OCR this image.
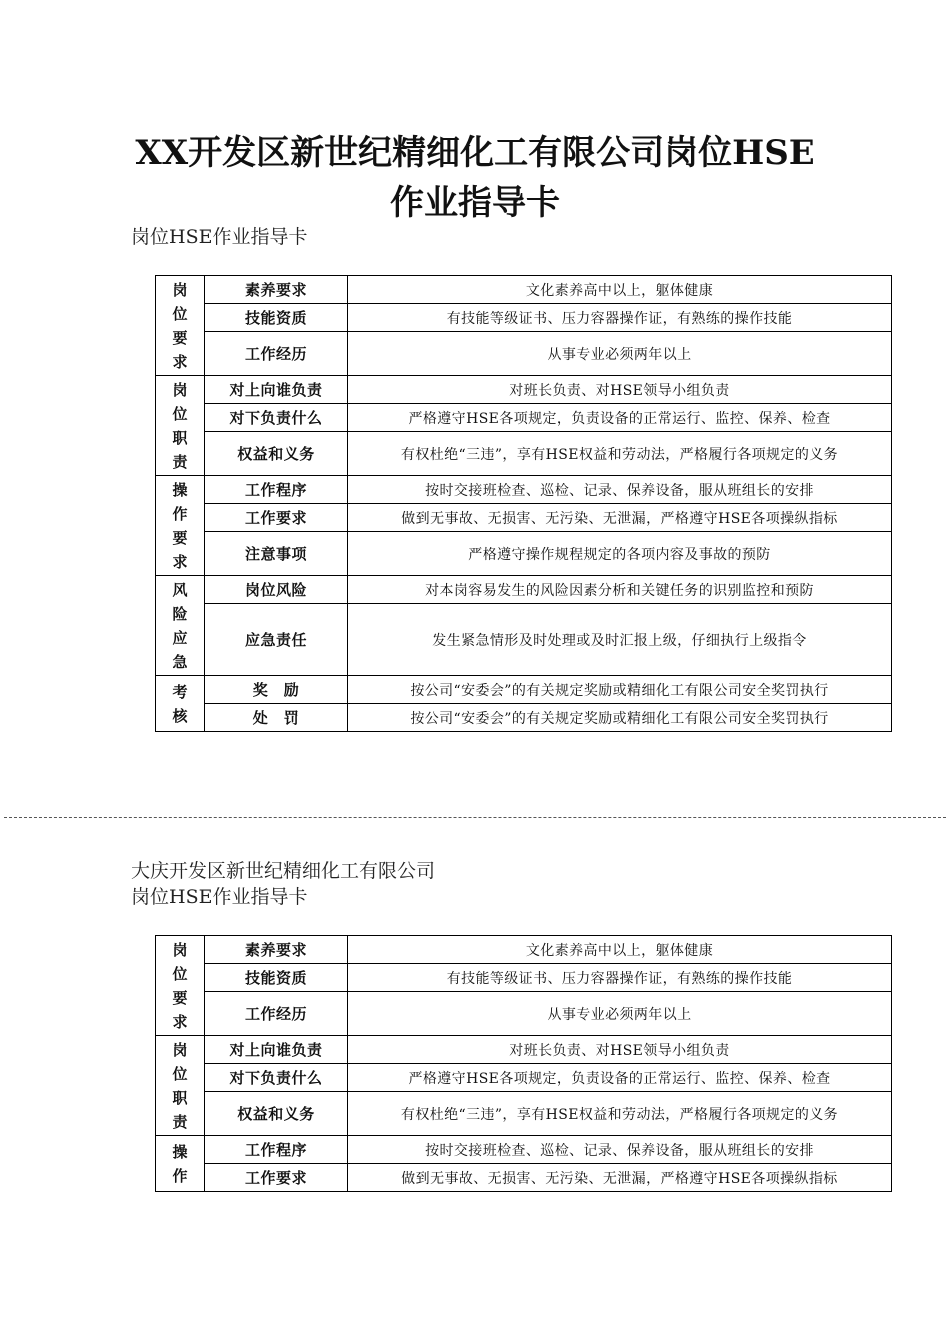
XX开发区新世纪精细化工有限公司岗位HSE
作业指导卡
岗位HSE作业指导卡
岗
位
要
求	素养要求	文化素养高中以上，躯体健康
	技能资质	有技能等级证书、压力容器操作证，有熟练的操作技能
	工作经历	从事专业必须两年以上

岗
位
职
责	对上向谁负责	对班长负责、对HSE领导小组负责
	对下负责什么	严格遵守HSE各项规定，负责设备的正常运行、监控、保养、检查
	权益和义务	有权杜绝“三违”，享有HSE权益和劳动法，严格履行各项规定的义务

操
作
要
求	工作程序	按时交接班检查、巡检、记录、保养设备，服从班组长的安排
	工作要求	做到无事故、无损害、无污染、无泄漏，严格遵守HSE各项操纵指标
	注意事项	严格遵守操作规程规定的各项内容及事故的预防

风
险
应
急	岗位风险	对本岗容易发生的风险因素分析和关键任务的识别监控和预防
	应急责任	发生紧急情形及时处理或及时汇报上级，仔细执行上级指令

考
核	奖　励	按公司“安委会”的有关规定奖励或精细化工有限公司安全奖罚执行
	处　罚	按公司“安委会”的有关规定奖励或精细化工有限公司安全奖罚执行
大庆开发区新世纪精细化工有限公司
岗位HSE作业指导卡
岗
位
要
求	素养要求	文化素养高中以上，躯体健康
	技能资质	有技能等级证书、压力容器操作证，有熟练的操作技能
	工作经历	从事专业必须两年以上

岗
位
职
责	对上向谁负责	对班长负责、对HSE领导小组负责
	对下负责什么	严格遵守HSE各项规定，负责设备的正常运行、监控、保养、检查
	权益和义务	有权杜绝“三违”，享有HSE权益和劳动法，严格履行各项规定的义务

操
作	工作程序	按时交接班检查、巡检、记录、保养设备，服从班组长的安排
	工作要求	做到无事故、无损害、无污染、无泄漏，严格遵守HSE各项操纵指标
